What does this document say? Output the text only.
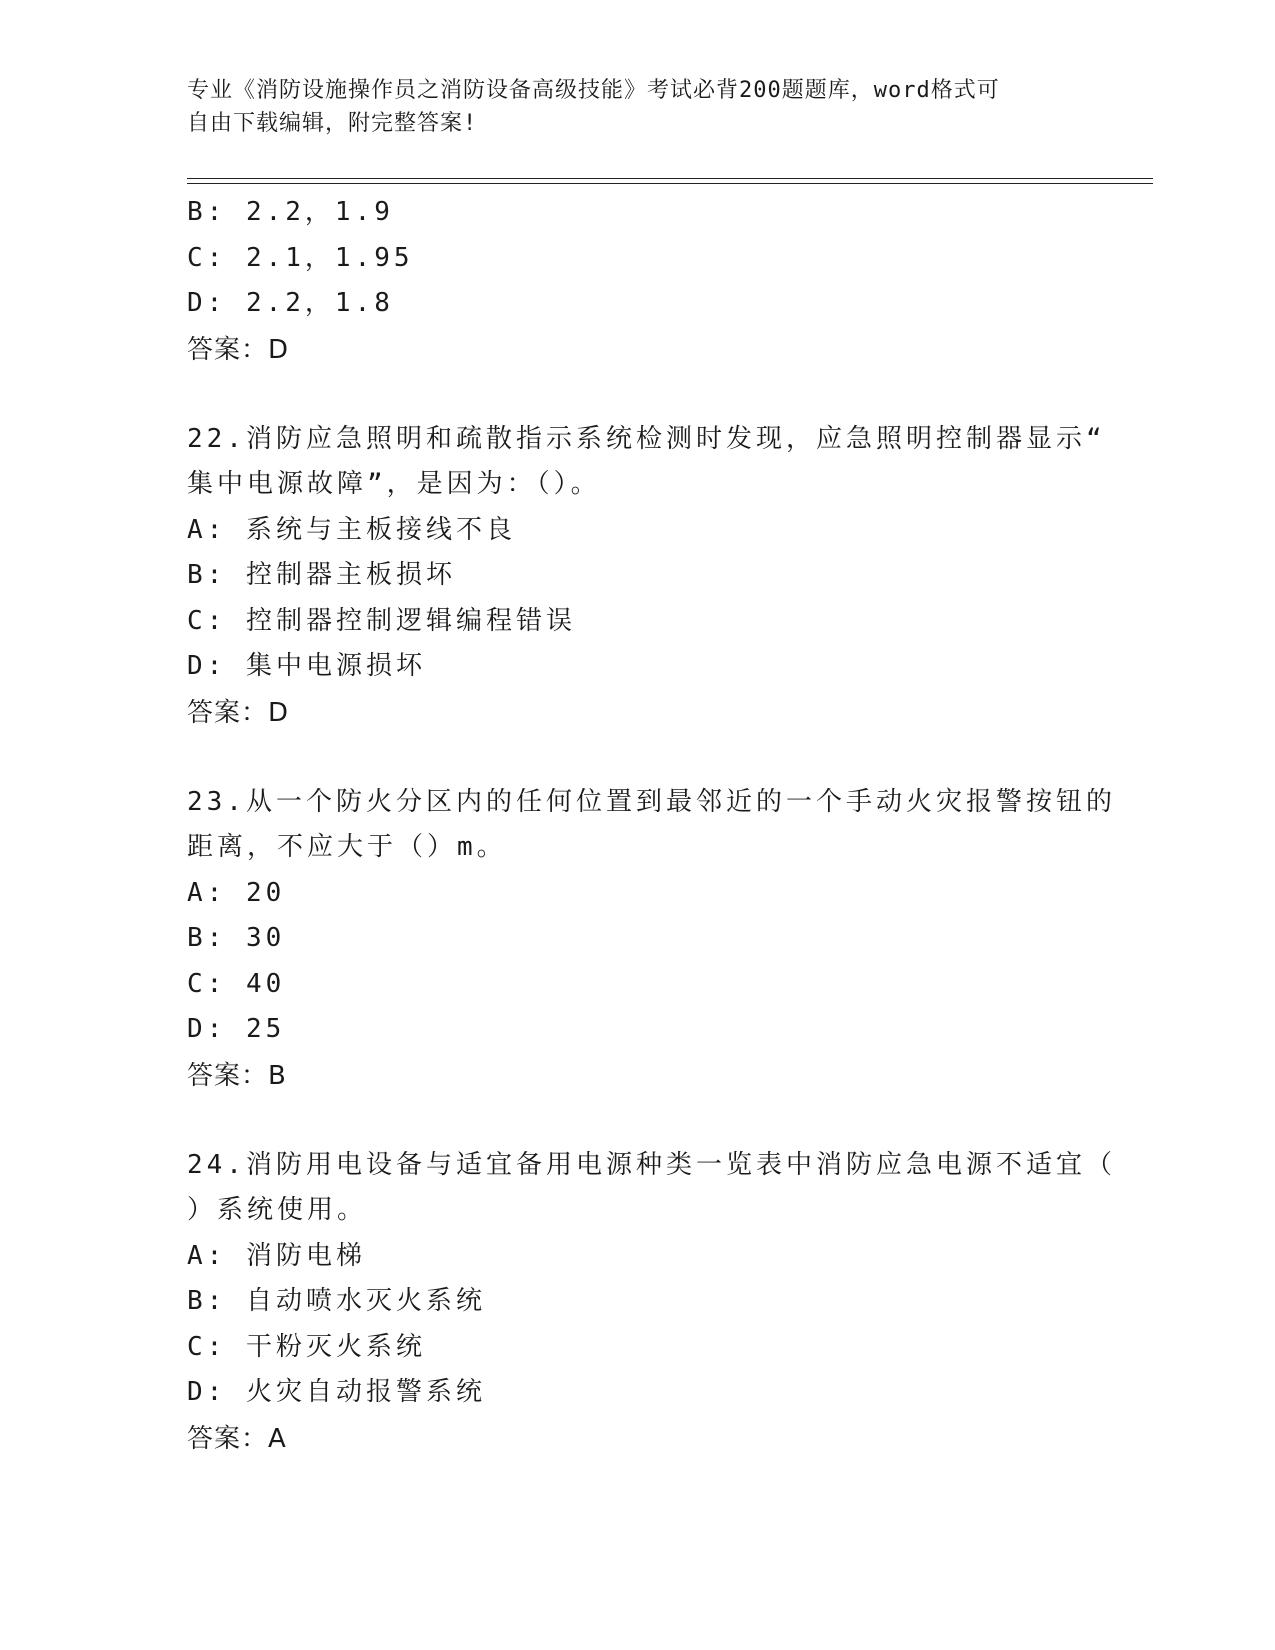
专业《消防设施操作员之消防设备高级技能》考试必背200题题库，word格式可
自由下载编辑，附完整答案!
B: 2.2，1.9
C: 2.1，1.95
D: 2.2，1.8
答案：D
22.消防应急照明和疏散指示系统检测时发现，应急照明控制器显示“
集中电源故障”，是因为：（）。
A: 系统与主板接线不良
B: 控制器主板损坏
C: 控制器控制逻辑编程错误
D: 集中电源损坏
答案：D
23.从一个防火分区内的任何位置到最邻近的一个手动火灾报警按钮的
距离，不应大于（）m。
A: 20
B: 30
C: 40
D: 25
答案：B
24.消防用电设备与适宜备用电源种类一览表中消防应急电源不适宜（
）系统使用。
A: 消防电梯
B: 自动喷水灭火系统
C: 干粉灭火系统
D: 火灾自动报警系统
答案：A
